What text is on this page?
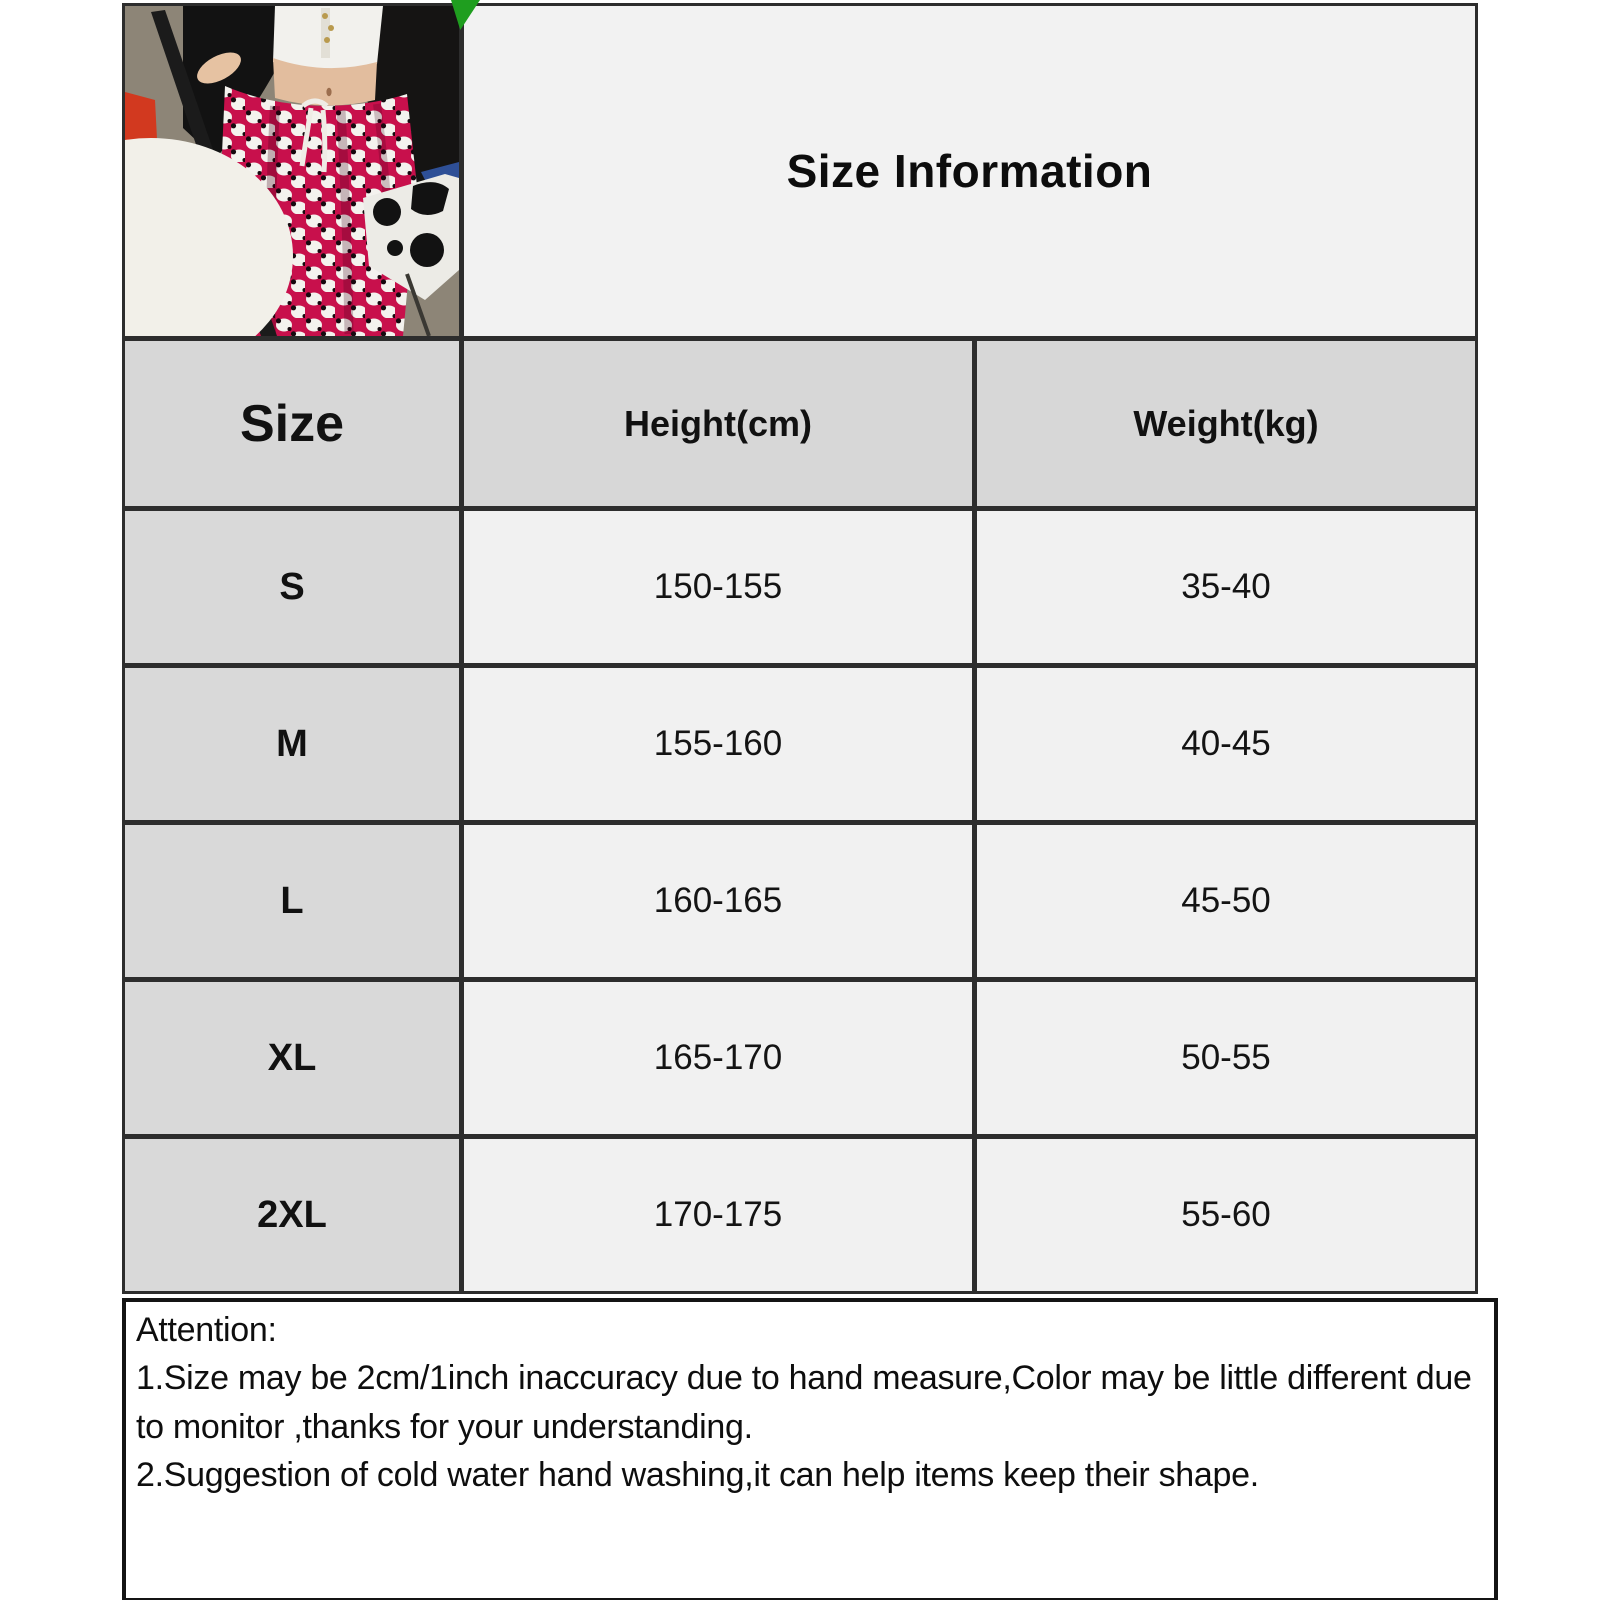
Size Information
Size	Height(cm)	Weight(kg)
S	150-155	35-40
M	155-160	40-45
L	160-165	45-50
XL	165-170	50-55
2XL	170-175	55-60

Attention:

1.Size may be 2cm/1inch inaccuracy due to hand measure,Color may be little different due to monitor ,thanks for your understanding.

2.Suggestion of cold water hand washing,it can help items keep their shape.
